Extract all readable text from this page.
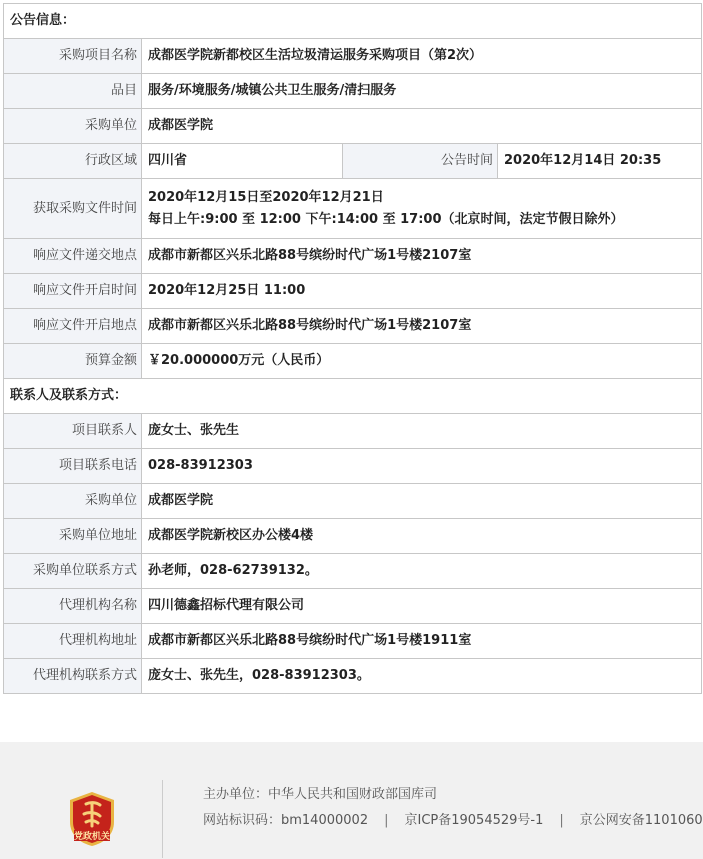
公告信息：			
采购项目名称	成都医学院新都校区生活垃圾清运服务采购项目（第2次）		
品目	服务/环境服务/城镇公共卫生服务/清扫服务		
采购单位	成都医学院		
行政区域	四川省	公告时间	2020年12月14日 20:35
获取采购文件时间	2020年12月15日至2020年12月21日
每日上午:9:00 至 12:00 下午:14:00 至 17:00（北京时间，法定节假日除外）		

响应文件递交地点	成都市新都区兴乐北路88号缤纷时代广场1号楼2107室		
响应文件开启时间	2020年12月25日 11:00		
响应文件开启地点	成都市新都区兴乐北路88号缤纷时代广场1号楼2107室		
预算金额	￥20.000000万元（人民币）		
联系人及联系方式：			
项目联系人	庞女士、张先生		
项目联系电话	028-83912303		
采购单位	成都医学院		
采购单位地址	成都医学院新校区办公楼4楼		
采购单位联系方式	孙老师，028-62739132。		
代理机构名称	四川德鑫招标代理有限公司		
代理机构地址	成都市新都区兴乐北路88号缤纷时代广场1号楼1911室		
代理机构联系方式	庞女士、张先生，028-83912303。		
党政机关
主办单位：中华人民共和国财政部国库司
网站标识码：bm14000002 | 京ICP备19054529号-1 | 京公网安备1101060
